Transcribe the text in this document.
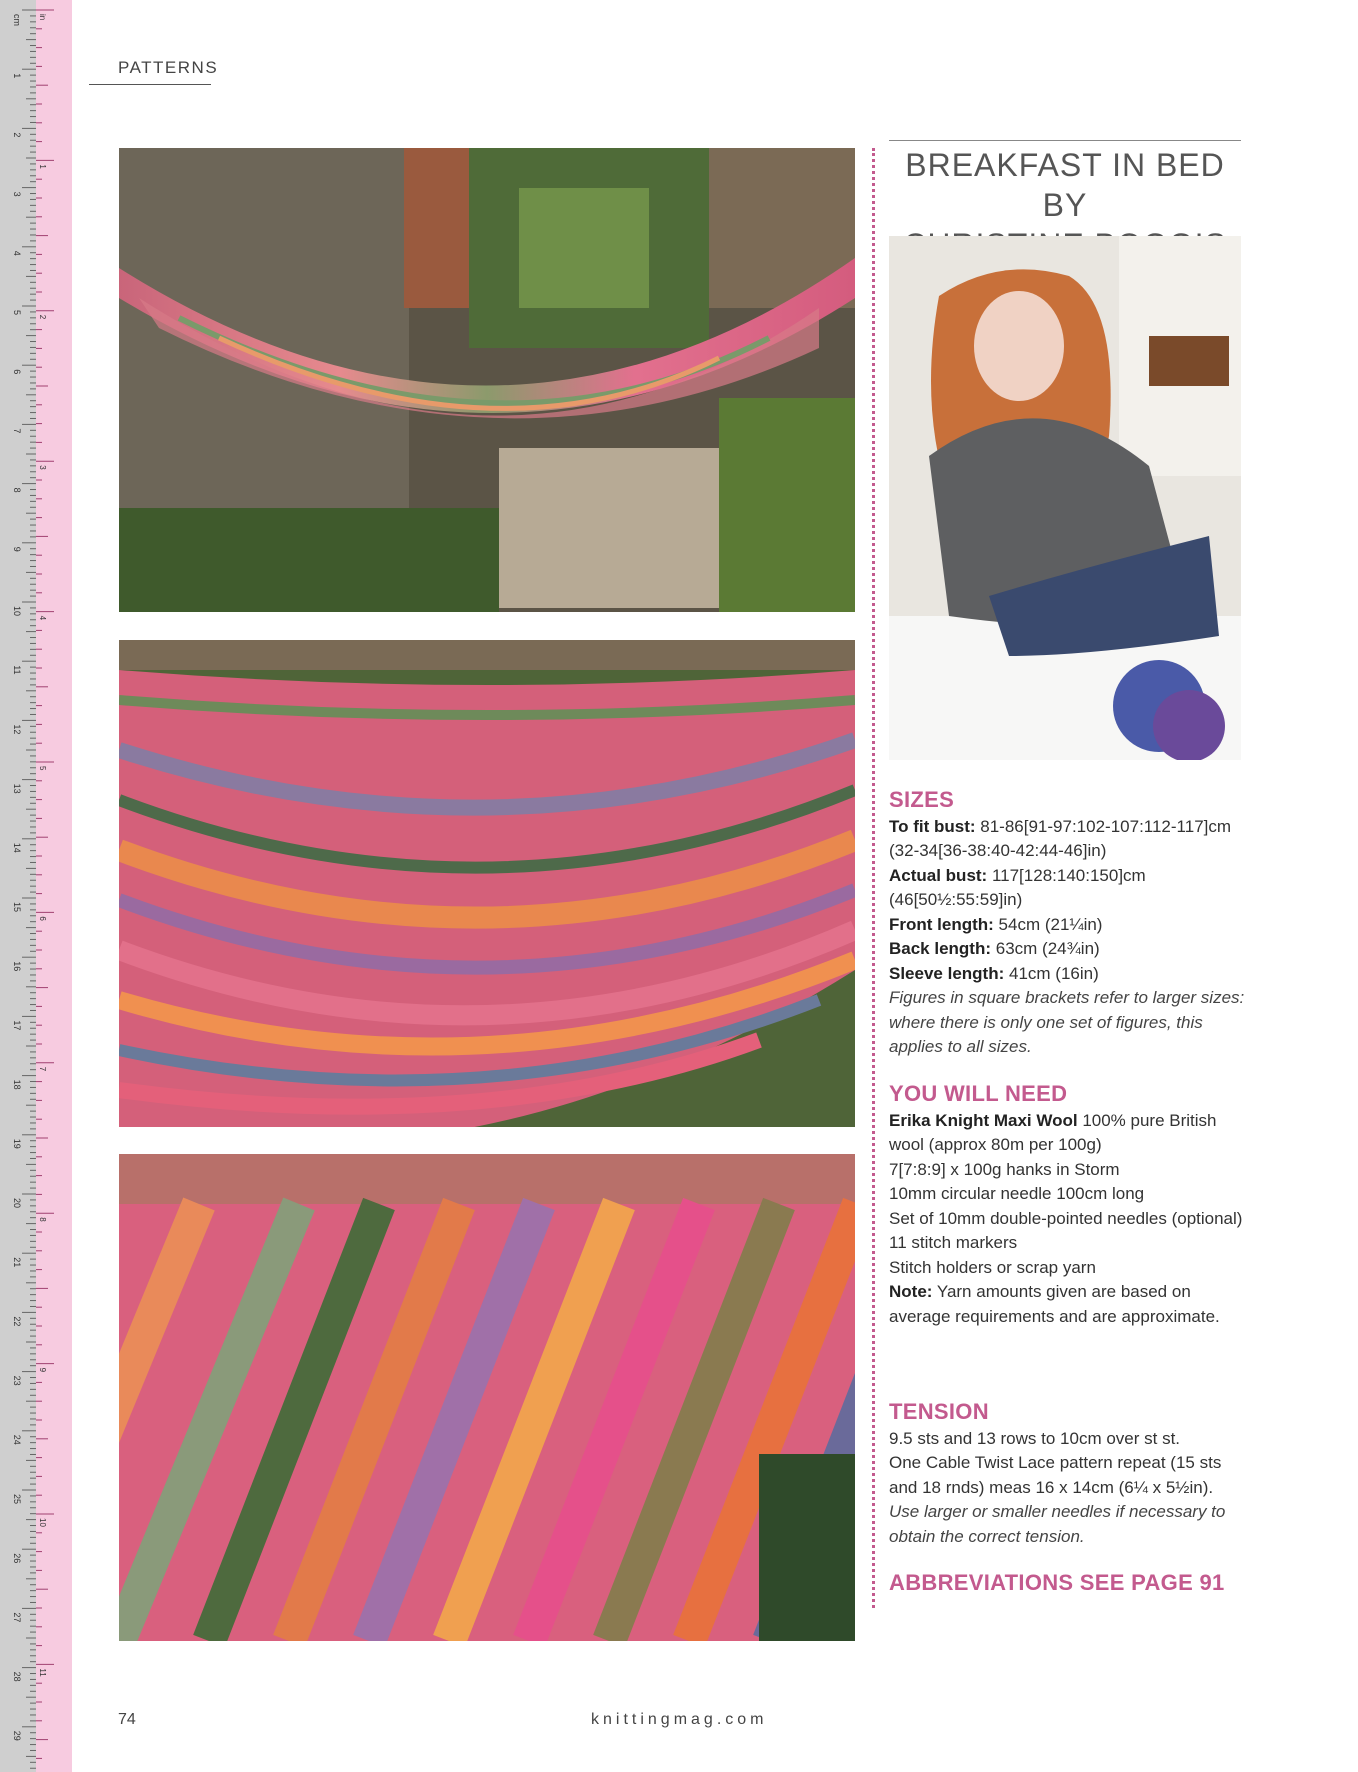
cm
1
2
3
4
5
6
7
8
9
10
11
12
13
14
15
16
17
18
19
20
21
22
23
24
25
26
27
28
29
in
1
2
3
4
5
6
7
8
9
10
11
PATTERNS
BREAKFAST IN BED BY
SIZES
To fit bust: 81-86[91-97:102-107:112-117]cm (32-34[36-38:40-42:44-46]in)
Actual bust: 117[128:140:150]cm (46[50½:55:59]in)
Front length: 54cm (21¼in)
Back length: 63cm (24¾in)
Sleeve length: 41cm (16in)
Figures in square brackets refer to larger sizes: where there is only one set of figures, this applies to all sizes.
YOU WILL NEED
Erika Knight Maxi Wool 100% pure British wool (approx 80m per 100g)
7[7:8:9] x 100g hanks in Storm
10mm circular needle 100cm long
Set of 10mm double-pointed needles (optional)
11 stitch markers
Stitch holders or scrap yarn
Note: Yarn amounts given are based on average requirements and are approximate.
TENSION
9.5 sts and 13 rows to 10cm over st st.
One Cable Twist Lace pattern repeat (15 sts and 18 rnds) meas 16 x 14cm (6¼ x 5½in).
Use larger or smaller needles if necessary to obtain the correct tension.
ABBREVIATIONS SEE PAGE 91
74	knittingmag.com
